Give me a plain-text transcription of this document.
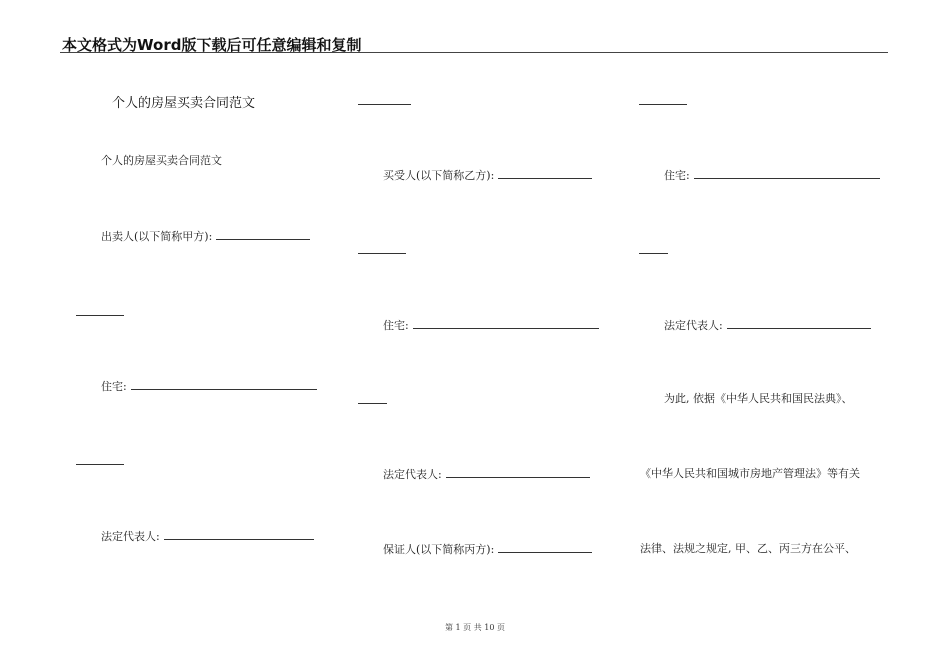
本文格式为Word版下载后可任意编辑和复制
个人的房屋买卖合同范文
个人的房屋买卖合同范文
出卖人(以下简称甲方):
住宅:
法定代表人:
买受人(以下简称乙方):
住宅:
法定代表人:
保证人(以下简称丙方):
住宅:
法定代表人:
为此, 依据《中华人民共和国民法典》、
《中华人民共和国城市房地产管理法》等有关
法律、法规之规定, 甲、乙、丙三方在公平、
第 1 页 共 10 页
